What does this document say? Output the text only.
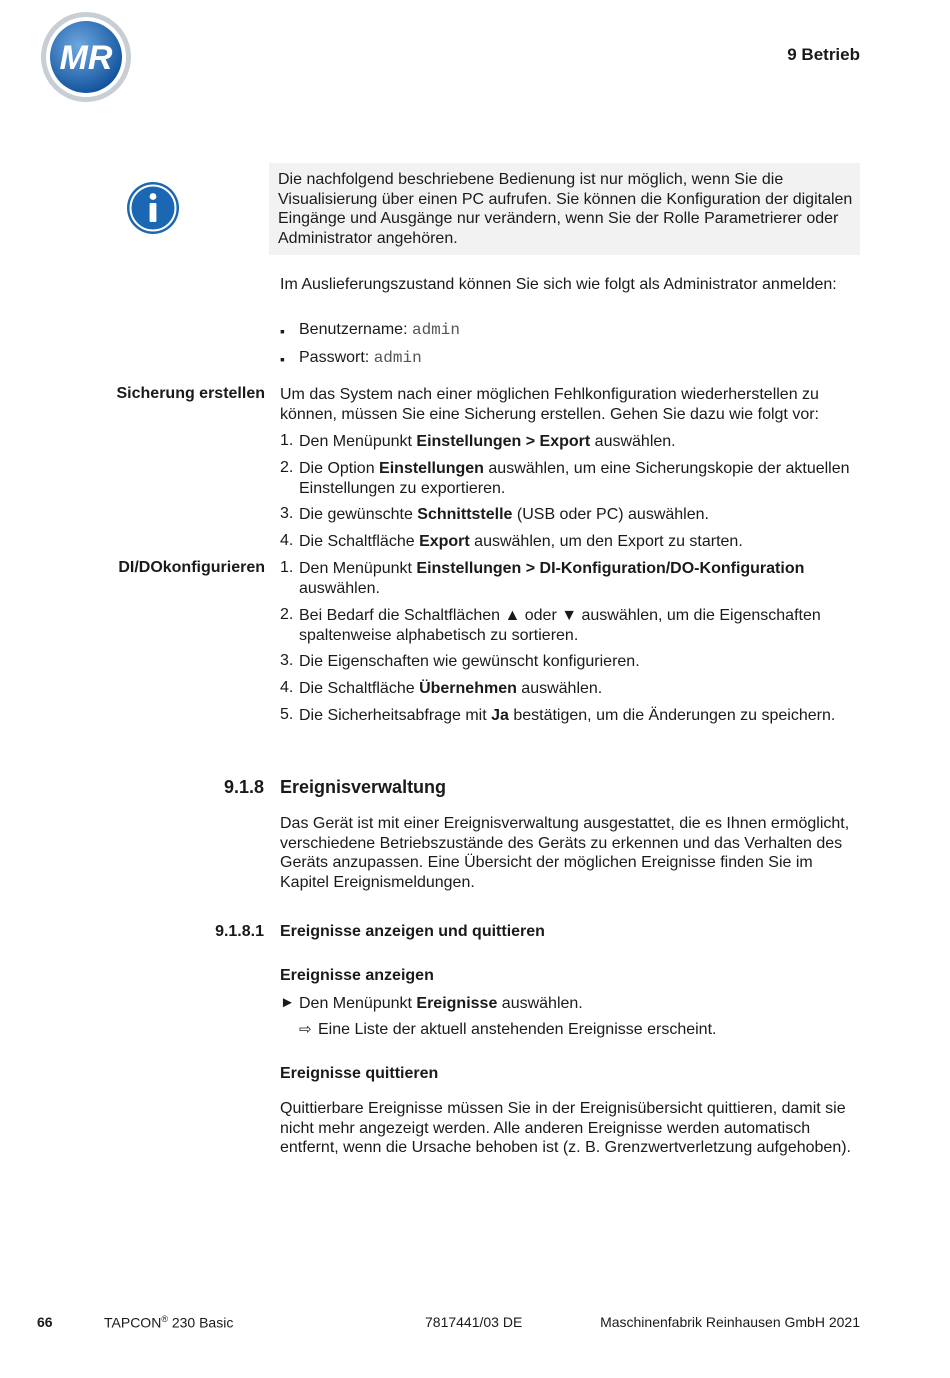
MR	9 Betrieb

Die nachfolgend beschriebene Bedienung ist nur möglich, wenn Sie die Visualisierung über einen PC aufrufen. Sie können die Konfiguration der digitalen Eingänge und Ausgänge nur verändern, wenn Sie der Rolle Parametrierer oder Administrator angehören.

Im Auslieferungszustand können Sie sich wie folgt als Administrator anmelden:

▪ Benutzername: admin
▪ Passwort: admin
Sicherung erstellen Um das System nach einer möglichen Fehlkonfiguration wiederherstellen zu können, müssen Sie eine Sicherung erstellen. Gehen Sie dazu wie folgt vor:

1. Den Menüpunkt Einstellungen > Export auswählen.
2. Die Option Einstellungen auswählen, um eine Sicherungskopie der aktuellen Einstellungen zu exportieren.
3. Die gewünschte Schnittstelle (USB oder PC) auswählen.
4. Die Schaltfläche Export auswählen, um den Export zu starten.
DI/DOkonfigurieren 1. Den Menüpunkt Einstellungen > DI-Konfiguration/DO-Konfiguration auswählen.
2. Bei Bedarf die Schaltflächen ▲ oder ▼ auswählen, um die Eigenschaften spaltenweise alphabetisch zu sortieren.
3. Die Eigenschaften wie gewünscht konfigurieren.
4. Die Schaltfläche Übernehmen auswählen.
5. Die Sicherheitsabfrage mit Ja bestätigen, um die Änderungen zu speichern.
9.1.8 Ereignisverwaltung

Das Gerät ist mit einer Ereignisverwaltung ausgestattet, die es Ihnen ermöglicht, verschiedene Betriebszustände des Geräts zu erkennen und das Verhalten des Geräts anzupassen. Eine Übersicht der möglichen Ereignisse finden Sie im Kapitel Ereignismeldungen.

9.1.8.1 Ereignisse anzeigen und quittieren
Ereignisse anzeigen
► Den Menüpunkt Ereignisse auswählen.
⇨ Eine Liste der aktuell anstehenden Ereignisse erscheint.
Ereignisse quittieren

Quittierbare Ereignisse müssen Sie in der Ereignisübersicht quittieren, damit sie nicht mehr angezeigt werden. Alle anderen Ereignisse werden automatisch entfernt, wenn die Ursache behoben ist (z. B. Grenzwertverletzung aufgehoben).

66	TAPCON® 230 Basic	7817441/03 DE	Maschinenfabrik Reinhausen GmbH 2021
